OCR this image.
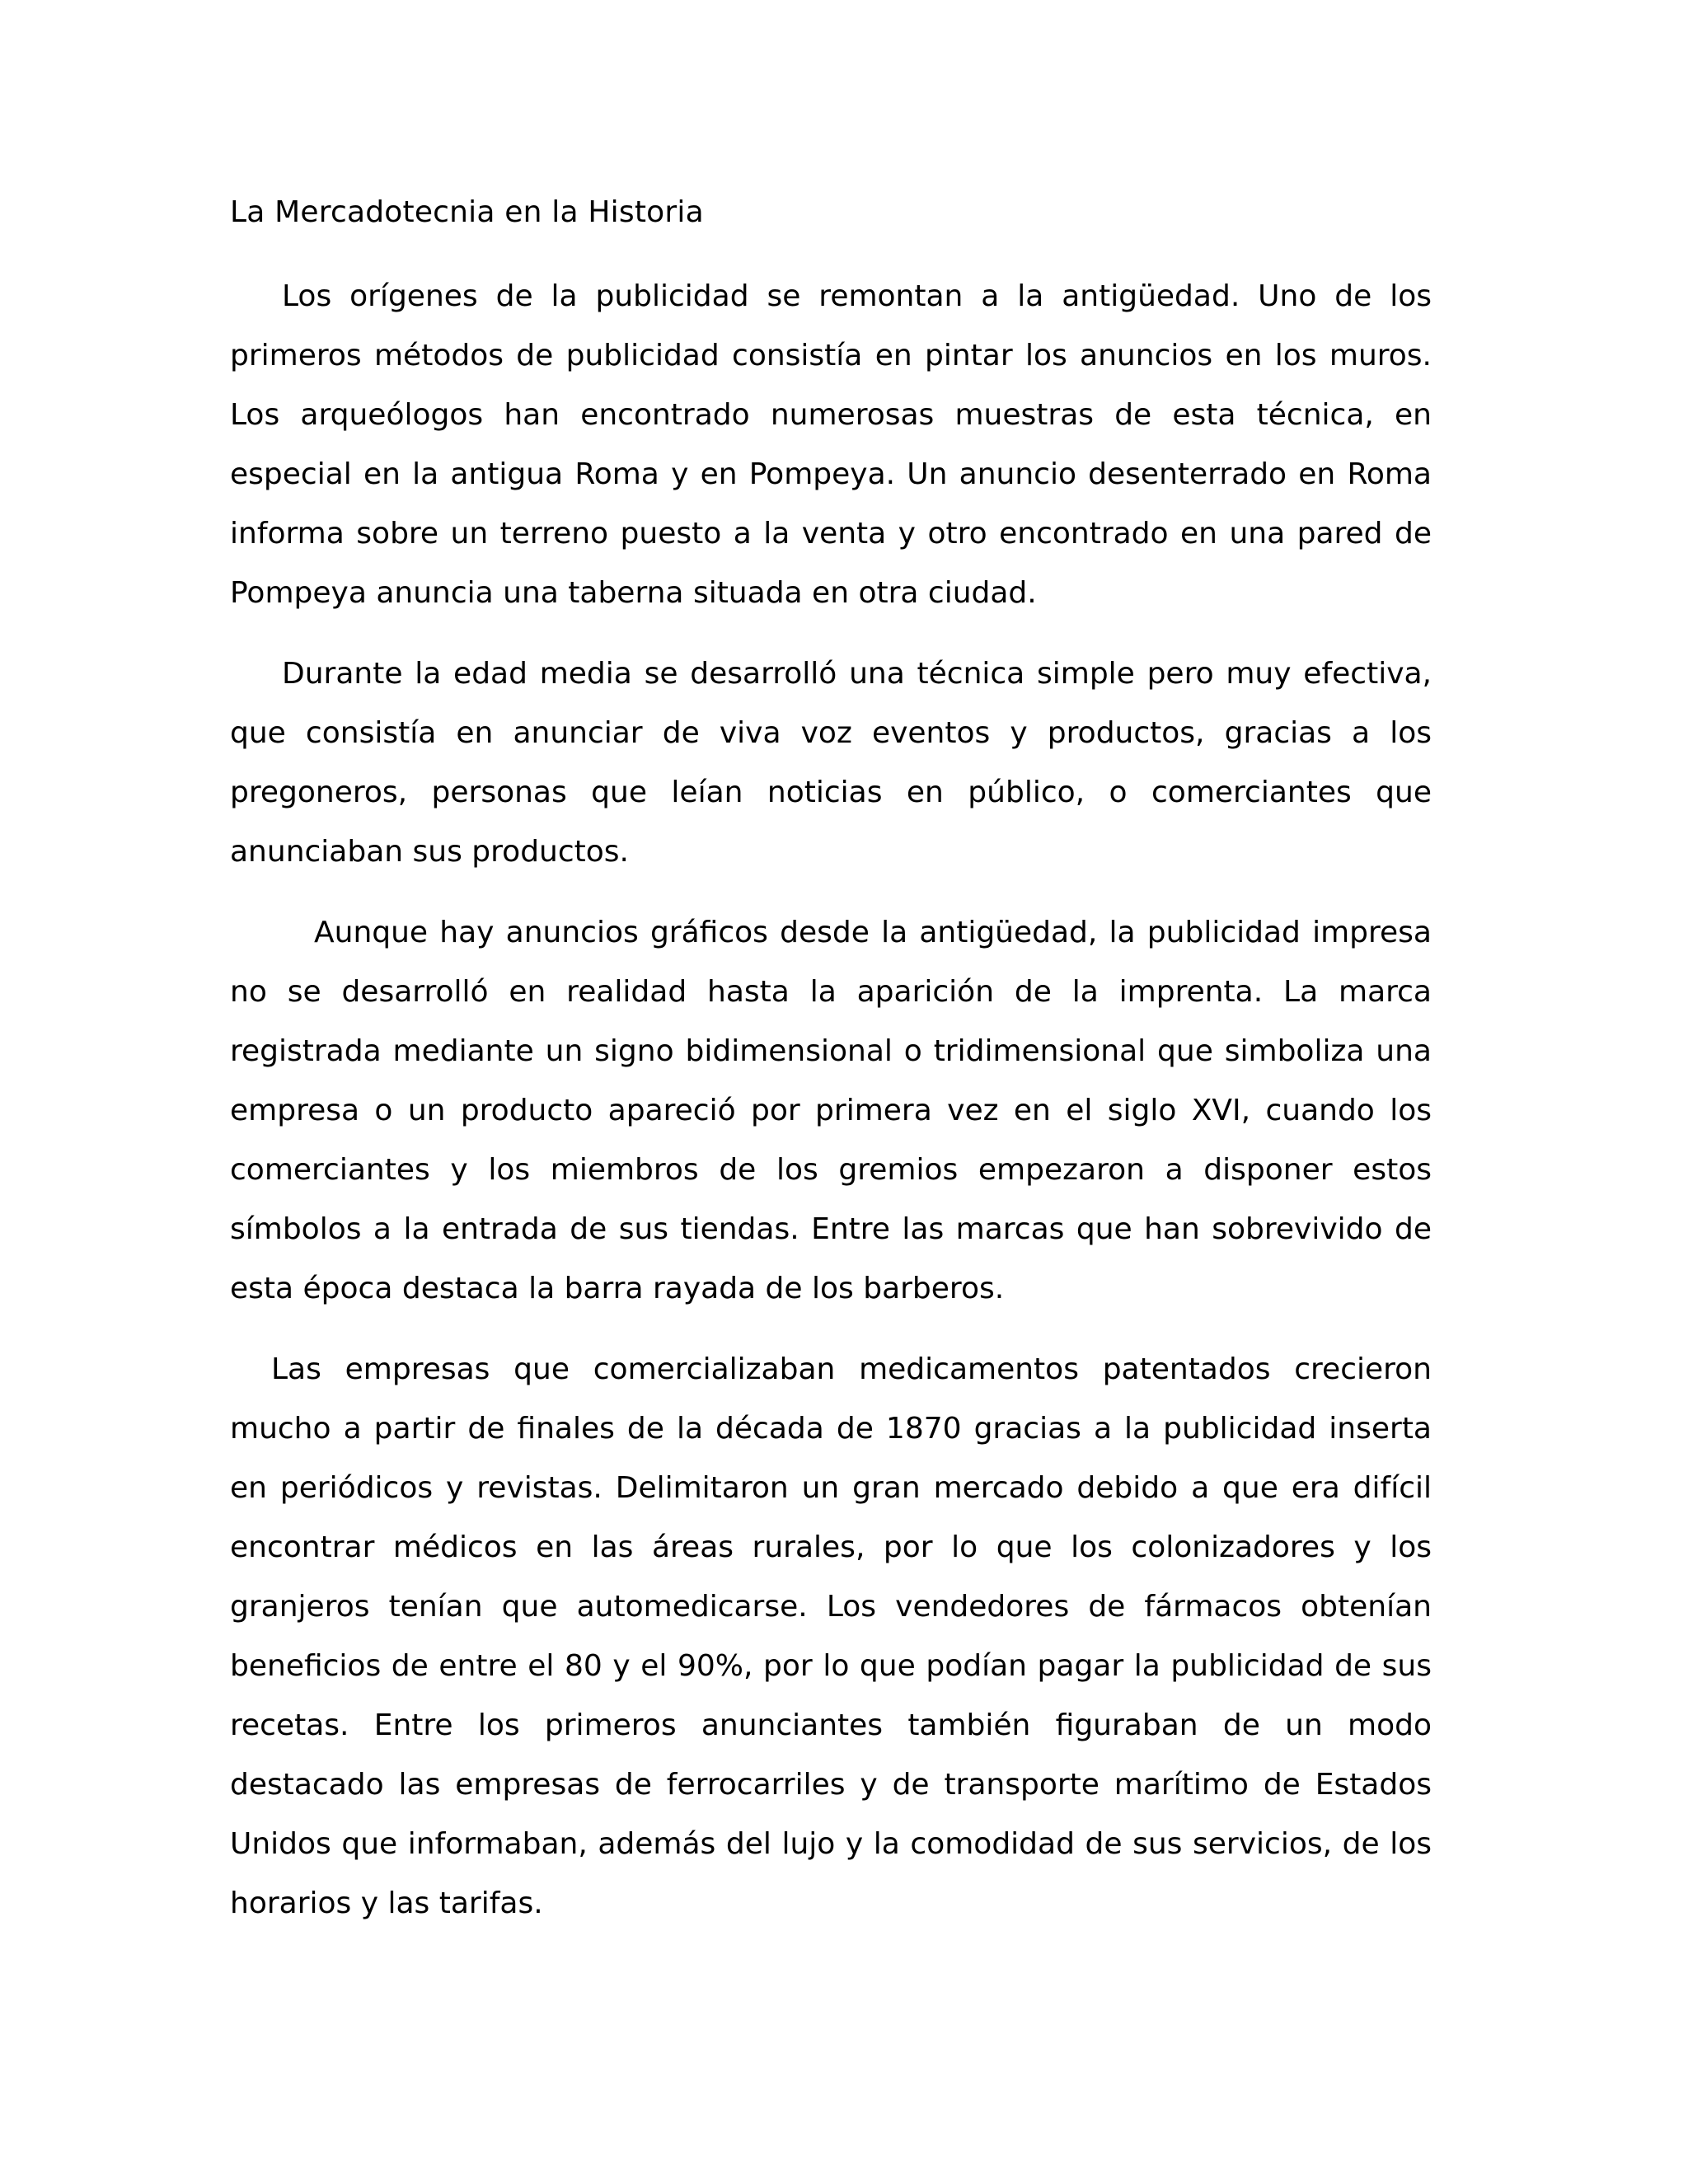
La Mercadotecnia en la Historia

Los orígenes de la publicidad se remontan a la antigüedad. Uno de los primeros métodos de publicidad consistía en pintar los anuncios en los muros. Los arqueólogos han encontrado numerosas muestras de esta técnica, en especial en la antigua Roma y en Pompeya. Un anuncio desenterrado en Roma informa sobre un terreno puesto a la venta y otro encontrado en una pared de Pompeya anuncia una taberna situada en otra ciudad.

Durante la edad media se desarrolló una técnica simple pero muy efectiva, que consistía en anunciar de viva voz eventos y productos, gracias a los pregoneros, personas que leían noticias en público, o comerciantes que anunciaban sus productos.

Aunque hay anuncios gráficos desde la antigüedad, la publicidad impresa no se desarrolló en realidad hasta la aparición de la imprenta. La marca registrada mediante un signo bidimensional o tridimensional que simboliza una empresa o un producto apareció por primera vez en el siglo XVI, cuando los comerciantes y los miembros de los gremios empezaron a disponer estos símbolos a la entrada de sus tiendas. Entre las marcas que han sobrevivido de esta época destaca la barra rayada de los barberos.

Las empresas que comercializaban medicamentos patentados crecieron mucho a partir de finales de la década de 1870 gracias a la publicidad inserta en periódicos y revistas. Delimitaron un gran mercado debido a que era difícil encontrar médicos en las áreas rurales, por lo que los colonizadores y los granjeros tenían que automedicarse. Los vendedores de fármacos obtenían beneficios de entre el 80 y el 90%, por lo que podían pagar la publicidad de sus recetas. Entre los primeros anunciantes también figuraban de un modo destacado las empresas de ferrocarriles y de transporte marítimo de Estados Unidos que informaban, además del lujo y la comodidad de sus servicios, de los horarios y las tarifas.
